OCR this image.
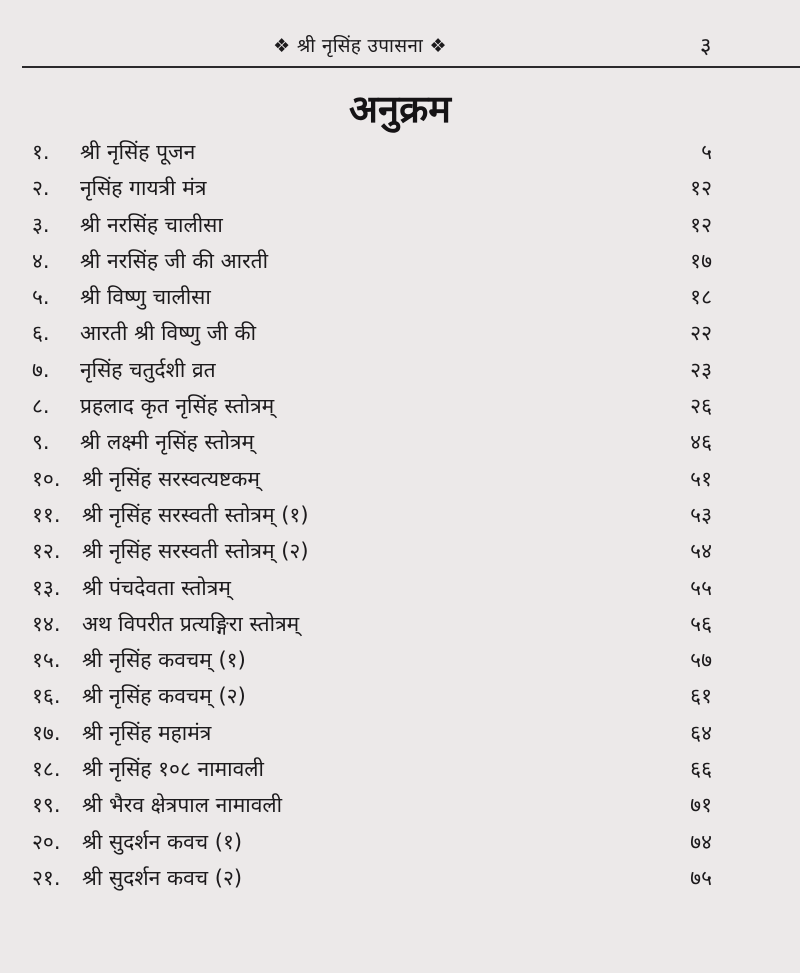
❖ श्री नृसिंह उपासना ❖	३
अनुक्रम
१. श्री नृसिंह पूजन	५
२. नृसिंह गायत्री मंत्र	१२
३. श्री नरसिंह चालीसा	१२
४. श्री नरसिंह जी की आरती	१७
५. श्री विष्णु चालीसा	१८
६. आरती श्री विष्णु जी की	२२
७. नृसिंह चतुर्दशी व्रत	२३
८. प्रहलाद कृत नृसिंह स्तोत्रम्	२६
९. श्री लक्ष्मी नृसिंह स्तोत्रम्	४६
१०. श्री नृसिंह सरस्वत्यष्टकम्	५१
११. श्री नृसिंह सरस्वती स्तोत्रम् (१)	५३
१२. श्री नृसिंह सरस्वती स्तोत्रम् (२)	५४
१३. श्री पंचदेवता स्तोत्रम्	५५
१४. अथ विपरीत प्रत्यङ्गिरा स्तोत्रम्	५६
१५. श्री नृसिंह कवचम् (१)	५७
१६. श्री नृसिंह कवचम् (२)	६१
१७. श्री नृसिंह महामंत्र	६४
१८. श्री नृसिंह १०८ नामावली	६६
१९. श्री भैरव क्षेत्रपाल नामावली	७१
२०. श्री सुदर्शन कवच (१)	७४
२१. श्री सुदर्शन कवच (२)	७५
